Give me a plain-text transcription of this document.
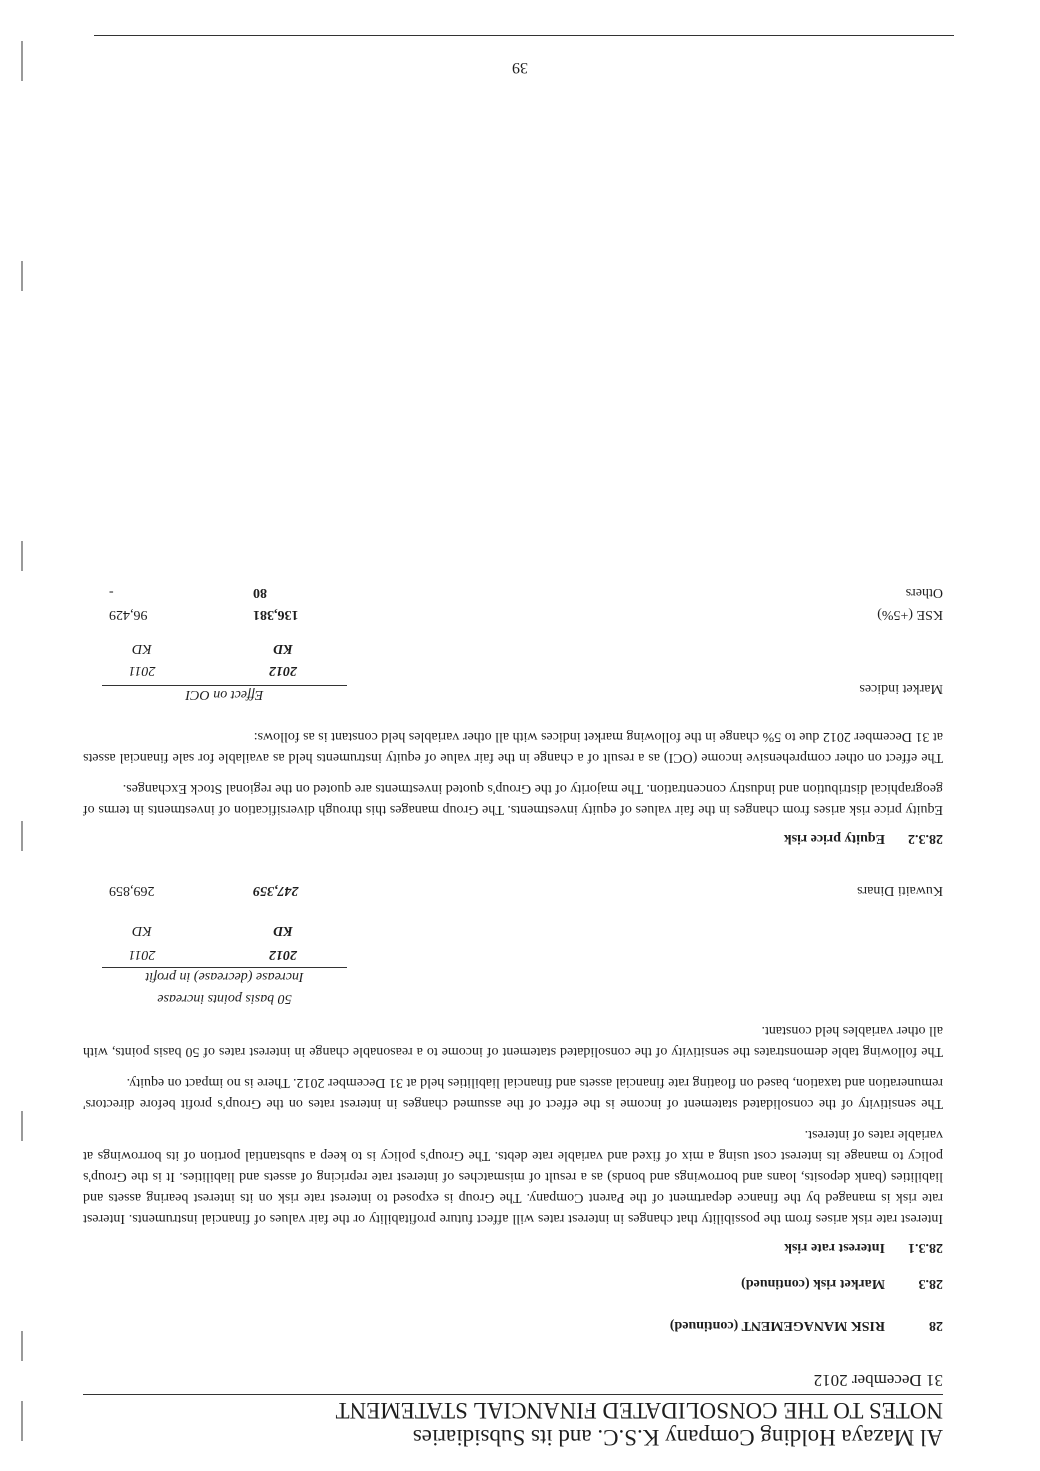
Al Mazaya Holding Company K.S.C. and its Subsidiaries
NOTES TO THE CONSOLIDATED FINANCIAL STATEMENT
31 December 2012
28
RISK MANAGEMENT (continued)
28.3
Market risk (continued)
28.3.1
Interest rate risk

Interest rate risk arises from the possibility that changes in interest rates will affect future profitability or the fair values of financial instruments. Interest rate risk is managed by the finance department of the Parent Company. The Group is exposed to interest rate risk on its interest bearing assets and liabilities (bank deposits, loans and borrowings and bonds) as a result of mismatches of interest rate repricing of assets and liabilities. It is the Group's policy to manage its interest cost using a mix of fixed and variable rate debts. The Group's policy is to keep a substantial portion of its borrowings at variable rates of interest.

The sensitivity of the consolidated statement of income is the effect of the assumed changes in interest rates on the Group's profit before directors' remuneration and taxation, based on floating rate financial assets and financial liabilities held at 31 December 2012. There is no impact on equity.

The following table demonstrates the sensitivity of the consolidated statement of income to a reasonable change in interest rates of 50 basis points, with all other variables held constant.

50 basis points increase
Increase (decrease) in profit
2012
2011
KD
KD
Kuwaiti Dinars
247,359
269,859
28.3.2
Equity price risk

Equity price risk arises from changes in the fair values of equity investments. The Group manages this through diversification of investments in terms of geographical distribution and industry concentration. The majority of the Group's quoted investments are quoted on the regional Stock Exchanges.

The effect on other comprehensive income (OCI) as a result of a change in the fair value of equity instruments held as available for sale financial assets at 31 December 2012 due to 5% change in the following market indices with all other variables held constant is as follows:

Market indices
Effect on OCI
2012
2011
KD
KD
KSE (+5%)
136,381
96,429
Others
80
-
39
